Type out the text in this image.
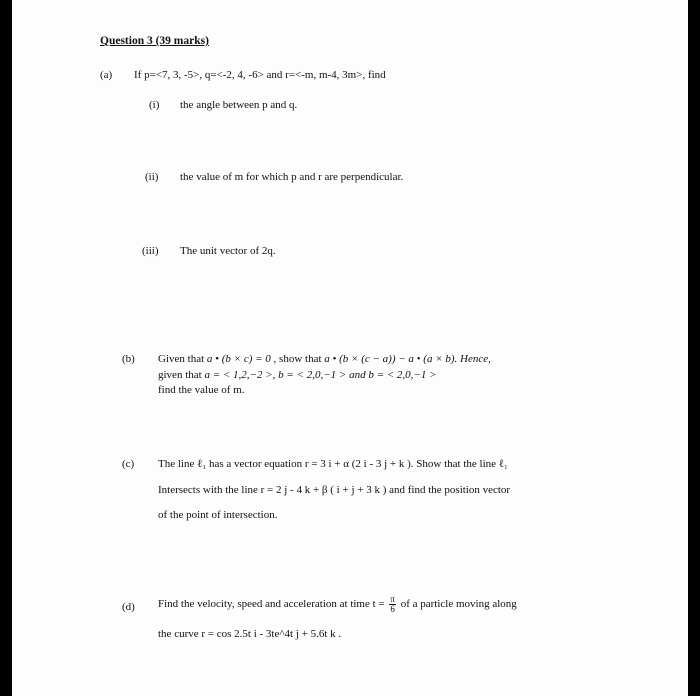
Question 3 (39 marks)
(a) If p=<7, 3, -5>, q=<-2, 4, -6> and r=<-m, m-4, 3m>, find
(i) the angle between p and q.
(ii) the value of m for which p and r are perpendicular.
(iii) The unit vector of 2q.
(b) Given that a • (b × c) = 0 , show that a • (b × (c − a)) − a • (a × b). Hence,
given that a = < 1,2,−2 >, b = < 2,0,−1 > and b = < 2,0,−1 >
find the value of m.
(c) The line ℓ₁ has a vector equation r = 3 i + α (2 i - 3 j + k ). Show that the line ℓ₁
Intersects with the line r = 2 j - 4 k + β ( i + j + 3 k ) and find the position vector
of the point of intersection.
(d) Find the velocity, speed and acceleration at time $t = \frac{\pi}{6}$ of a particle moving along
the curve r = cos 2.5t i - 3te^4t j + 5.6t k .
